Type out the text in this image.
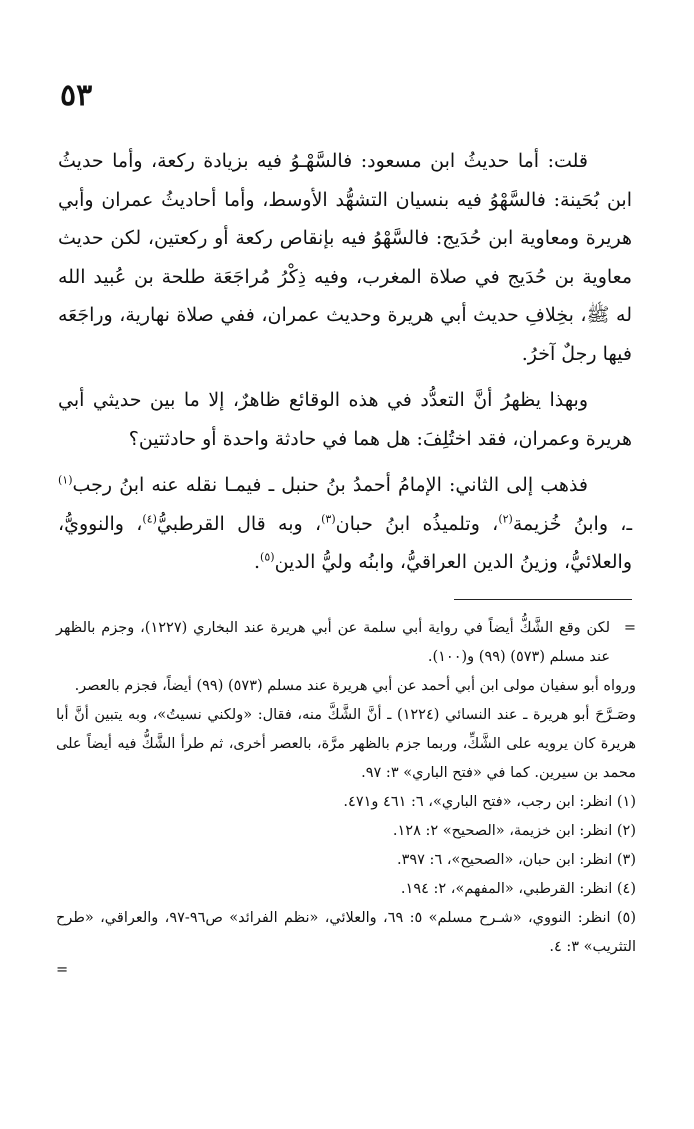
٥٣

قلت: أما حديثُ ابن مسعود: فالسَّهْـوُ فيه بزيادة ركعة، وأما حديثُ ابن بُحَينة: فالسَّهْوُ فيه بنسيان التشهُّد الأوسط، وأما أحاديثُ عمران وأبي هريرة ومعاوية ابن حُدَيج: فالسَّهْوُ فيه بإنقاص ركعة أو ركعتين، لكن حديث معاوية بن حُدَيج في صلاة المغرب، وفيه ذِكْرُ مُراجَعَة طلحة بن عُبيد الله له ﷺ، بخِلافِ حديث أبي هريرة وحديث عمران، ففي صلاة نهارية، وراجَعَه فيها رجلٌ آخرُ.

وبهذا يظهرُ أنَّ التعدُّد في هذه الوقائع ظاهرٌ، إلا ما بين حديثي أبي هريرة وعمران، فقد اختُلِفَ: هل هما في حادثة واحدة أو حادثتين؟

فذهب إلى الثاني: الإمامُ أحمدُ بنُ حنبل ـ فيمـا نقله عنه ابنُ رجب$^{(١)}$ ـ، وابنُ خُزيمة$^{(٢)}$، وتلميذُه ابنُ حبان$^{(٣)}$، وبه قال القرطبيُّ$^{(٤)}$، والنوويُّ، والعلائيُّ، وزينُ الدين العراقيُّ، وابنُه وليُّ الدين$^{(٥)}$.

=
لكن وقع الشَّكُّ أيضاً في رواية أبي سلمة عن أبي هريرة عند البخاري (١٢٢٧)، وجزم بالظهر عند مسلم (٥٧٣) (٩٩) و(١٠٠).
ورواه أبو سفيان مولى ابن أبي أحمد عن أبي هريرة عند مسلم (٥٧٣) (٩٩) أيضاً، فجزم بالعصر.
وصَـرَّحَ أبو هريرة ـ عند النسائي (١٢٢٤) ـ أنَّ الشَّكَّ منه، فقال: «ولكني نسيتُ»، وبه يتبين أنَّ أبا هريرة كان يرويه على الشَّكِّ، وربما جزم بالظهر مرَّة، بالعصر أخرى، ثم طرأ الشَّكُّ فيه أيضاً على محمد بن سيرين. كما في «فتح الباري» ٣: ٩٧.
(١) انظر: ابن رجب، «فتح الباري»، ٦: ٤٦١ و٤٧١.
(٢) انظر: ابن خزيمة، «الصحيح» ٢: ١٢٨.
(٣) انظر: ابن حبان، «الصحيح»، ٦: ٣٩٧.
(٤) انظر: القرطبي، «المفهم»، ٢: ١٩٤.
(٥) انظر: النووي، «شـرح مسلم» ٥: ٦٩، والعلائي، «نظم الفرائد» ص٩٦-٩٧، والعراقي، «طرح التثريب» ٣: ٤.
=
